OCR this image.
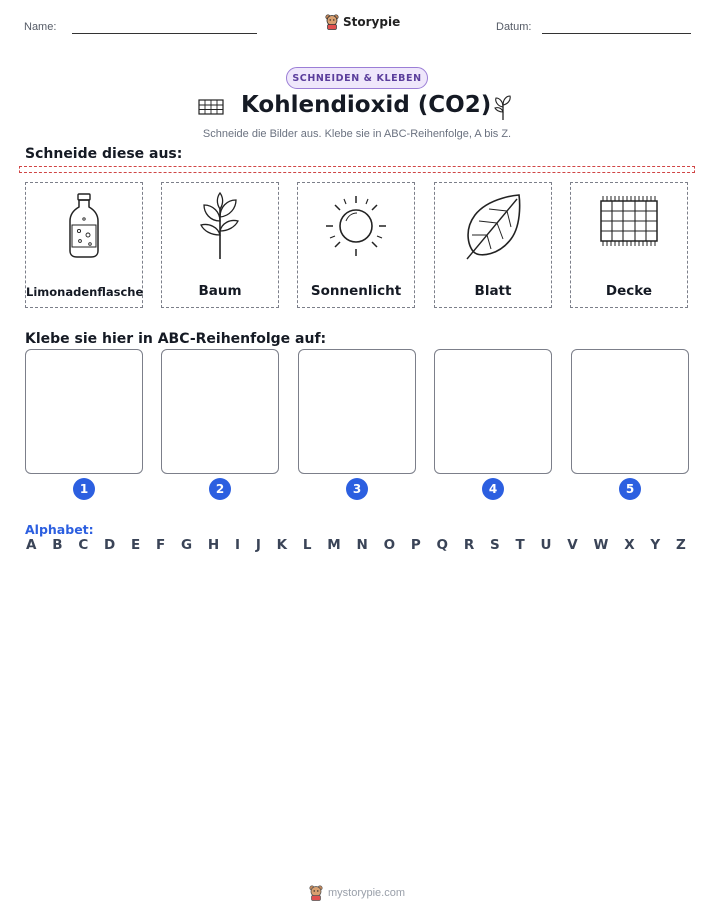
Name:	Storypie	Datum:
SCHNEIDEN & KLEBEN
Kohlendioxid (CO2)
Schneide die Bilder aus. Klebe sie in ABC-Reihenfolge, A bis Z.
Schneide diese aus:
Limonadenflasche	Baum	Sonnenlicht	Blatt	Decke
Klebe sie hier in ABC-Reihenfolge auf:
1	2	3	4	5
Alphabet:
A B C D E F G H I J K L M N O P Q R S T U V W X Y Z
mystorypie.com
